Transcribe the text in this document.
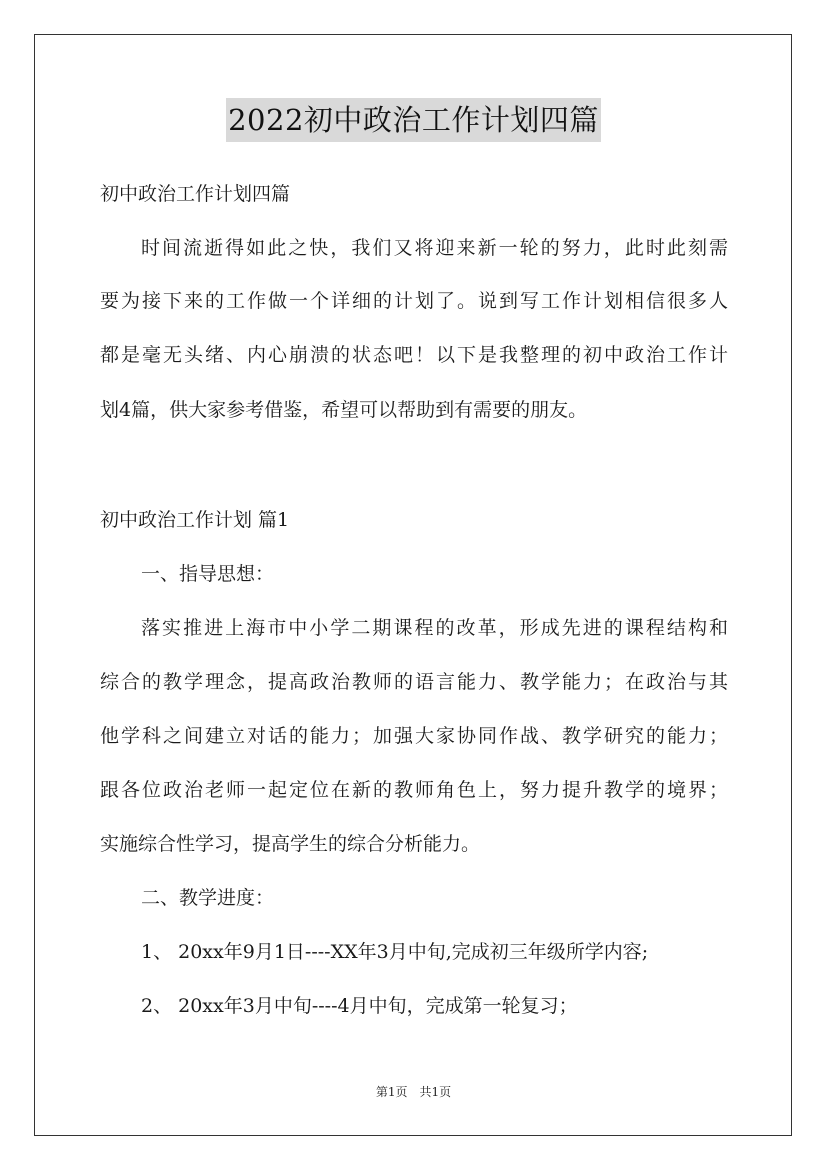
2022初中政治工作计划四篇
初中政治工作计划四篇
时间流逝得如此之快，我们又将迎来新一轮的努力，此时此刻需
要为接下来的工作做一个详细的计划了。说到写工作计划相信很多人
都是毫无头绪、内心崩溃的状态吧！以下是我整理的初中政治工作计
划4篇，供大家参考借鉴，希望可以帮助到有需要的朋友。
初中政治工作计划 篇1
一、指导思想：
落实推进上海市中小学二期课程的改革，形成先进的课程结构和
综合的教学理念，提高政治教师的语言能力、教学能力；在政治与其
他学科之间建立对话的能力；加强大家协同作战、教学研究的能力；
跟各位政治老师一起定位在新的教师角色上，努力提升教学的境界；
实施综合性学习，提高学生的综合分析能力。
二、教学进度：
1、 20xx年9月1日----XX年3月中旬,完成初三年级所学内容;
2、 20xx年3月中旬----4月中旬，完成第一轮复习；
第1页　共1页
